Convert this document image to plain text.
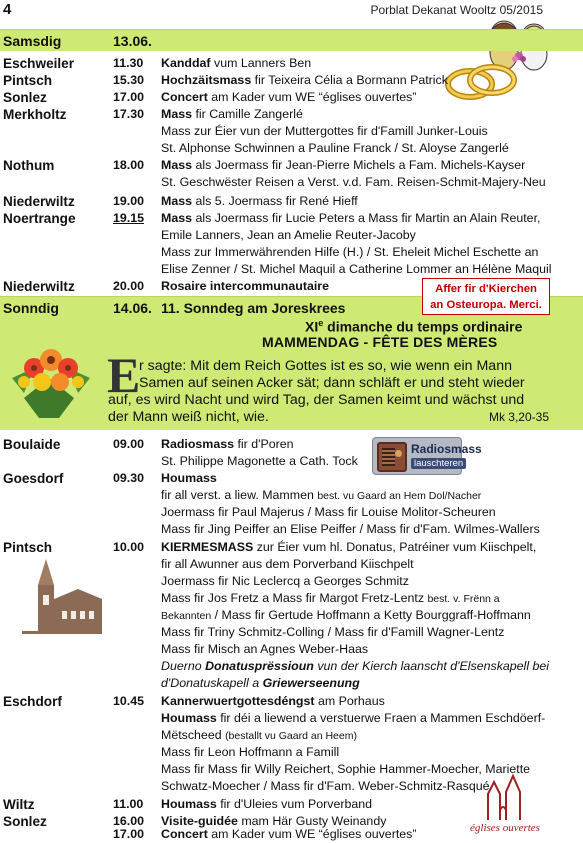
4	Porblat Dekanat Wooltz 05/2015
Samsdig	13.06.
Eschweiler	11.30 Kanddaf vum Lanners Ben
Pintsch	15.30 Hochzäitsmass fir Teixeira Célia a Bormann Patrick
Sonlez	17.00 Concert am Kader vum WE “églises ouvertes”
Merkholtz	17.30 Mass fir Camille Zangerlé
Mass zur Éier vun der Muttergottes fir d'Famill Junker-Louis
St. Alphonse Schwinnen a Pauline Franck / St. Aloyse Zangerlé
Nothum	18.00 Mass als Joermass fir Jean-Pierre Michels a Fam. Michels-Kayser
St. Geschwëster Reisen a Verst. v.d. Fam. Reisen-Schmit-Majery-Neu
Niederwiltz	19.00 Mass als 5. Joermass fir René Hieff
Noertrange	19.15 Mass als Joermass fir Lucie Peters a Mass fir Martin an Alain Reuter,
Emile Lanners, Jean an Amelie Reuter-Jacoby
Mass zur Immerwährenden Hilfe (H.) / St. Eheleit Michel Eschette an
Elise Zenner / St. Michel Maquil a Catherine Lommer an Hélène Maquil
Niederwiltz	20.00 Rosaire intercommunautaire
Sonndig	14.06. 11. Sonndeg am Joreskrees
Affer fir d'Kierchen
an Osteuropa. Merci.
XIe dimanche du temps ordinaire
MAMMENDAG - FÊTE DES MÈRES
E
r sagte: Mit dem Reich Gottes ist es so, wie wenn ein Mann
Samen auf seinen Acker sät; dann schläft er und steht wieder
auf, es wird Nacht und wird Tag, der Samen keimt und wächst und
der Mann weiß nicht, wie.	Mk 3,20-35
Radiosmass
lauschteren
Boulaide	09.00 Radiosmass fir d'Poren
St. Philippe Magonette a Cath. Tock
Goesdorf	09.30 Houmass
fir all verst. a liew. Mammen best. vu Gaard an Hem Dol/Nacher
Joermass fir Paul Majerus / Mass fir Louise Molitor-Scheuren
Mass fir Jing Peiffer an Elise Peiffer / Mass fir d'Fam. Wilmes-Wallers
Pintsch	10.00 KIERMESMASS zur Éier vum hl. Donatus, Patréiner vum Kiischpelt,
fir all Awunner aus dem Porverband Kiischpelt
Joermass fir Nic Leclercq a Georges Schmitz
Mass fir Jos Fretz a Mass fir Margot Fretz-Lentz best. v. Frënn a
Bekannten / Mass fir Gertude Hoffmann a Ketty Bourggraff-Hoffmann
Mass fir Triny Schmitz-Colling / Mass fir d'Famill Wagner-Lentz
Mass fir Misch an Agnes Weber-Haas
Duerno Donatusprëssioun vun der Kierch laanscht d'Elsenskapell bei
d'Donatuskapell a Griewerseenung
Eschdorf	10.45 Kannerwuertgottesdéngst am Porhaus
Houmass fir déi a liewend a verstuerwe Fraen a Mammen Eschdöerf-
Mëtscheed (bestallt vu Gaard an Heem)
Mass fir Leon Hoffmann a Famill
Mass fir Mass fir Willy Reichert, Sophie Hammer-Moecher, Mariette
Schwatz-Moecher / Mass fir d'Fam. Weber-Schmitz-Rasqué
Wiltz	11.00 Houmass fir d'Uleies vum Porverband
Sonlez	16.00 Visite-guidée mam Här Gusty Weinandy
17.00 Concert am Kader vum WE “églises ouvertes”	églises ouvertes
